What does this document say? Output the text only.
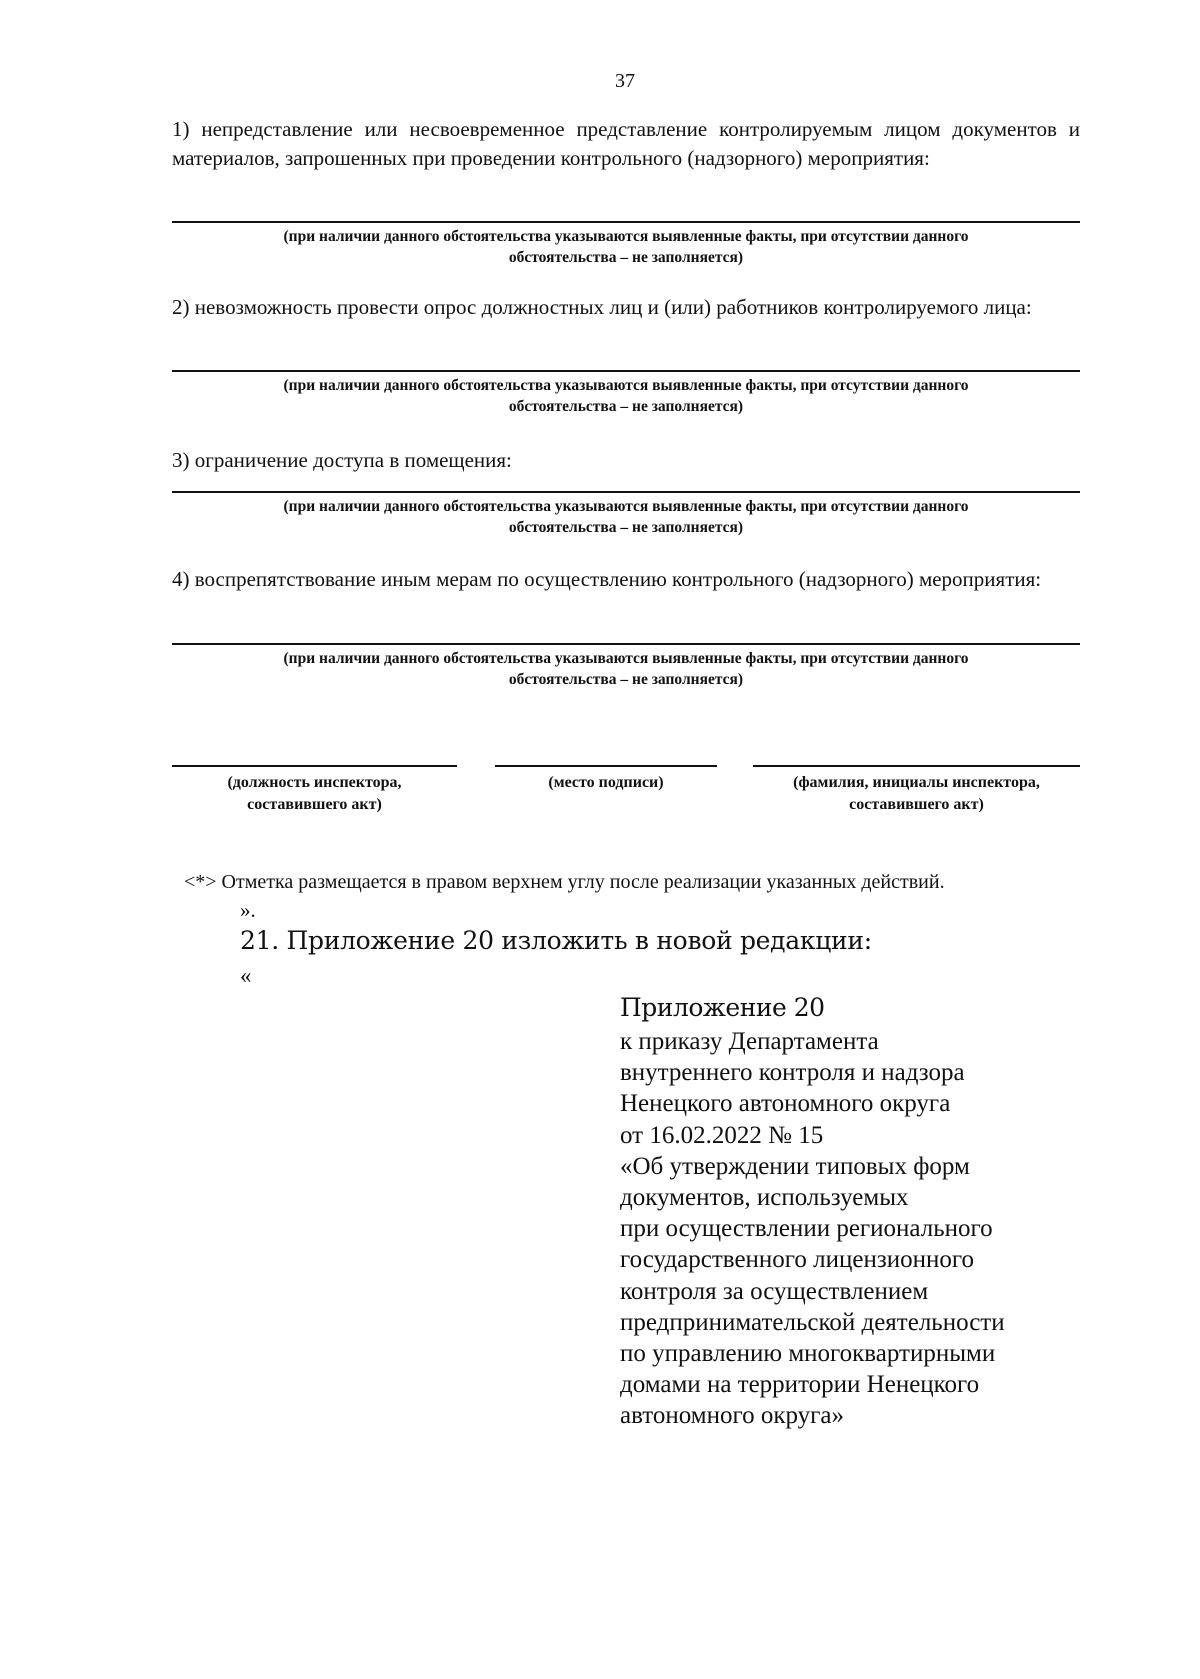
37
1) непредставление или несвоевременное представление контролируемым лицом документов и материалов, запрошенных при проведении контрольного (надзорного) мероприятия:
(при наличии данного обстоятельства указываются выявленные факты, при отсутствии данного
обстоятельства – не заполняется)
2) невозможность провести опрос должностных лиц и (или) работников контролируемого лица:
(при наличии данного обстоятельства указываются выявленные факты, при отсутствии данного
обстоятельства – не заполняется)
3) ограничение доступа в помещения:
(при наличии данного обстоятельства указываются выявленные факты, при отсутствии данного
обстоятельства – не заполняется)
4) воспрепятствование иным мерам по осуществлению контрольного (надзорного) мероприятия:
(при наличии данного обстоятельства указываются выявленные факты, при отсутствии данного
обстоятельства – не заполняется)
(должность инспектора,
составившего акт)
(место подписи)	(фамилия, инициалы инспектора,
составившего акт)
<*> Отметка размещается в правом верхнем углу после реализации указанных действий.
».
21. Приложение 20 изложить в новой редакции:
«
Приложение 20
к приказу Департамента
внутреннего контроля и надзора
Ненецкого автономного округа
от 16.02.2022 № 15
«Об утверждении типовых форм
документов, используемых
при осуществлении регионального
государственного лицензионного
контроля за осуществлением
предпринимательской деятельности
по управлению многоквартирными
домами на территории Ненецкого
автономного округа»
